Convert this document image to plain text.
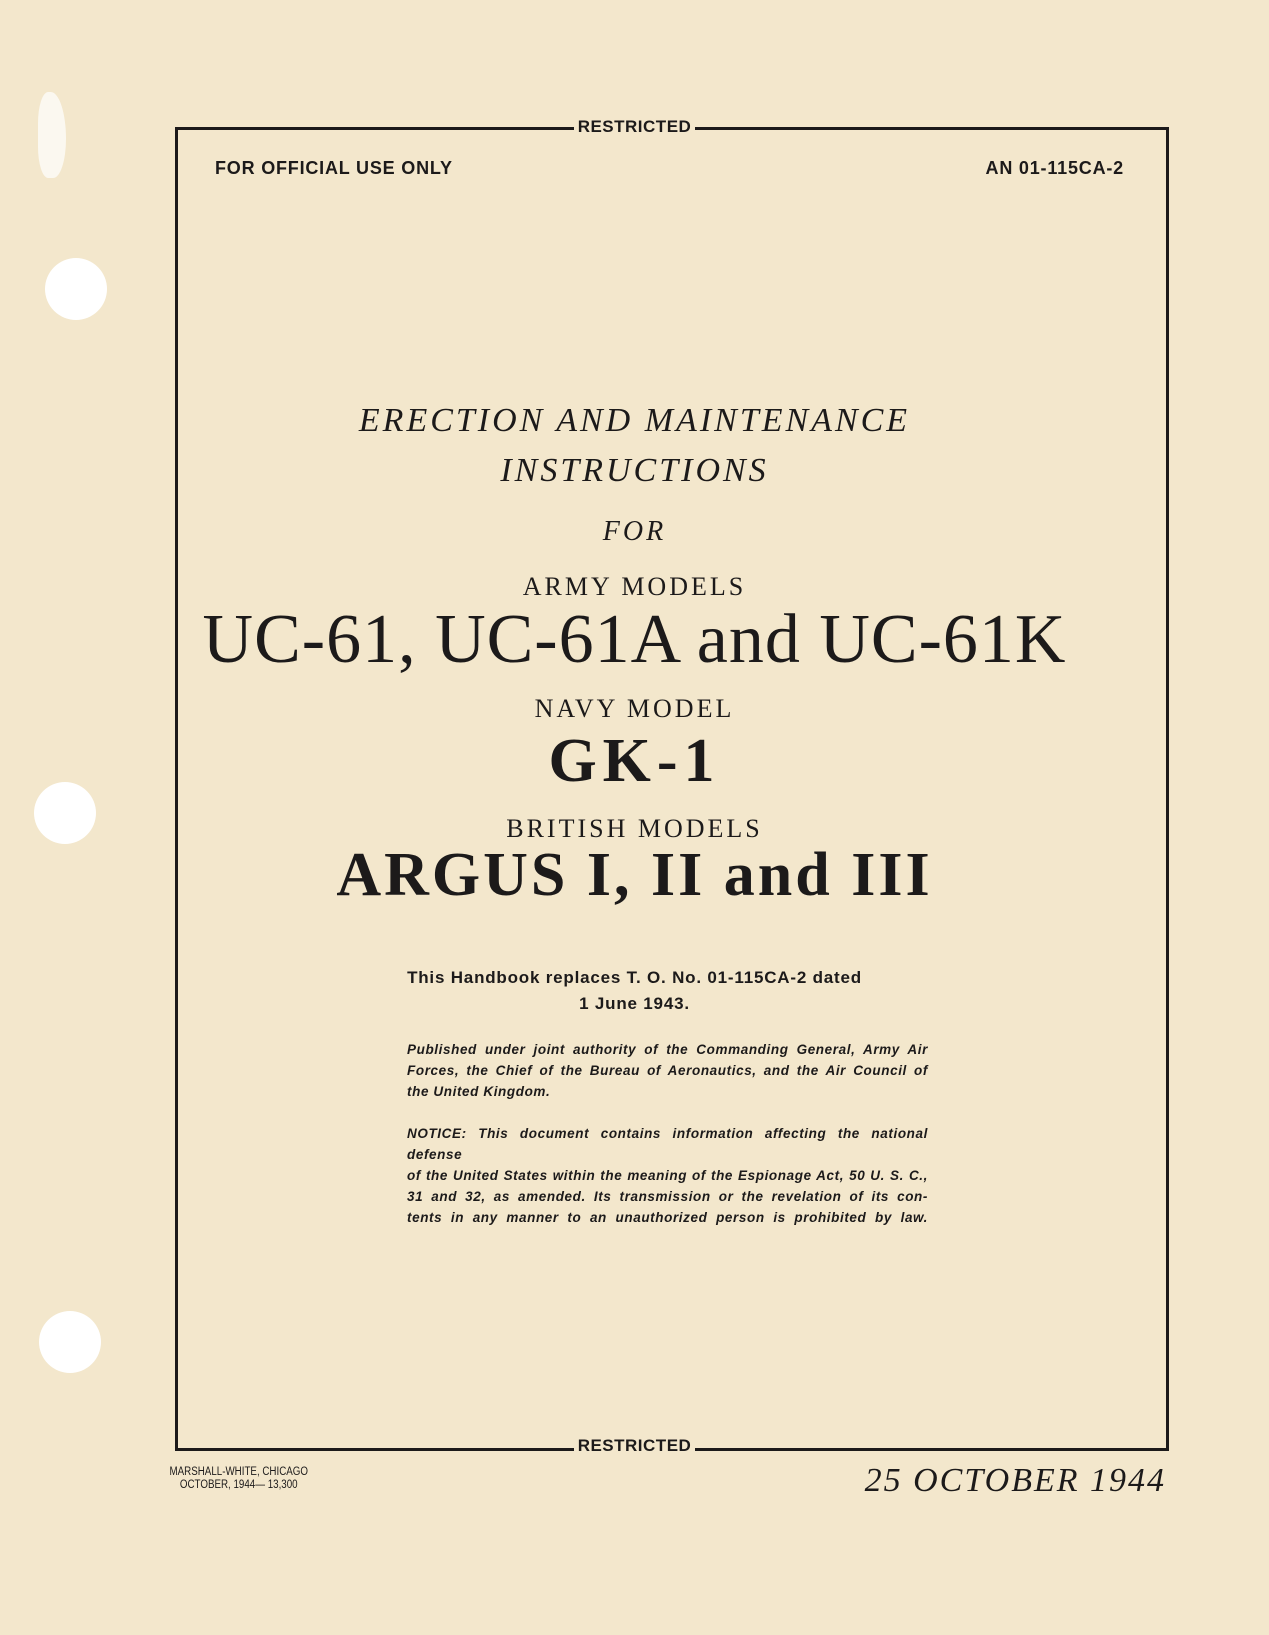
RESTRICTED
FOR OFFICIAL USE ONLY	AN 01-115CA-2
ERECTION AND MAINTENANCE
INSTRUCTIONS
FOR
ARMY MODELS
UC-61, UC-61A and UC-61K
NAVY MODEL
GK-1
BRITISH MODELS
ARGUS I, II and III
This Handbook replaces T. O. No. 01-115CA-2 dated
1 June 1943.
Published under joint authority of the Commanding General, Army Air
Forces, the Chief of the Bureau of Aeronautics, and the Air Council of
the United Kingdom.
NOTICE: This document contains information affecting the national defense
of the United States within the meaning of the Espionage Act, 50 U. S. C.,
31 and 32, as amended. Its transmission or the revelation of its con-
tents in any manner to an unauthorized person is prohibited by law.
RESTRICTED
MARSHALL-WHITE, CHICAGO
OCTOBER, 1944— 13,300	25 OCTOBER 1944
